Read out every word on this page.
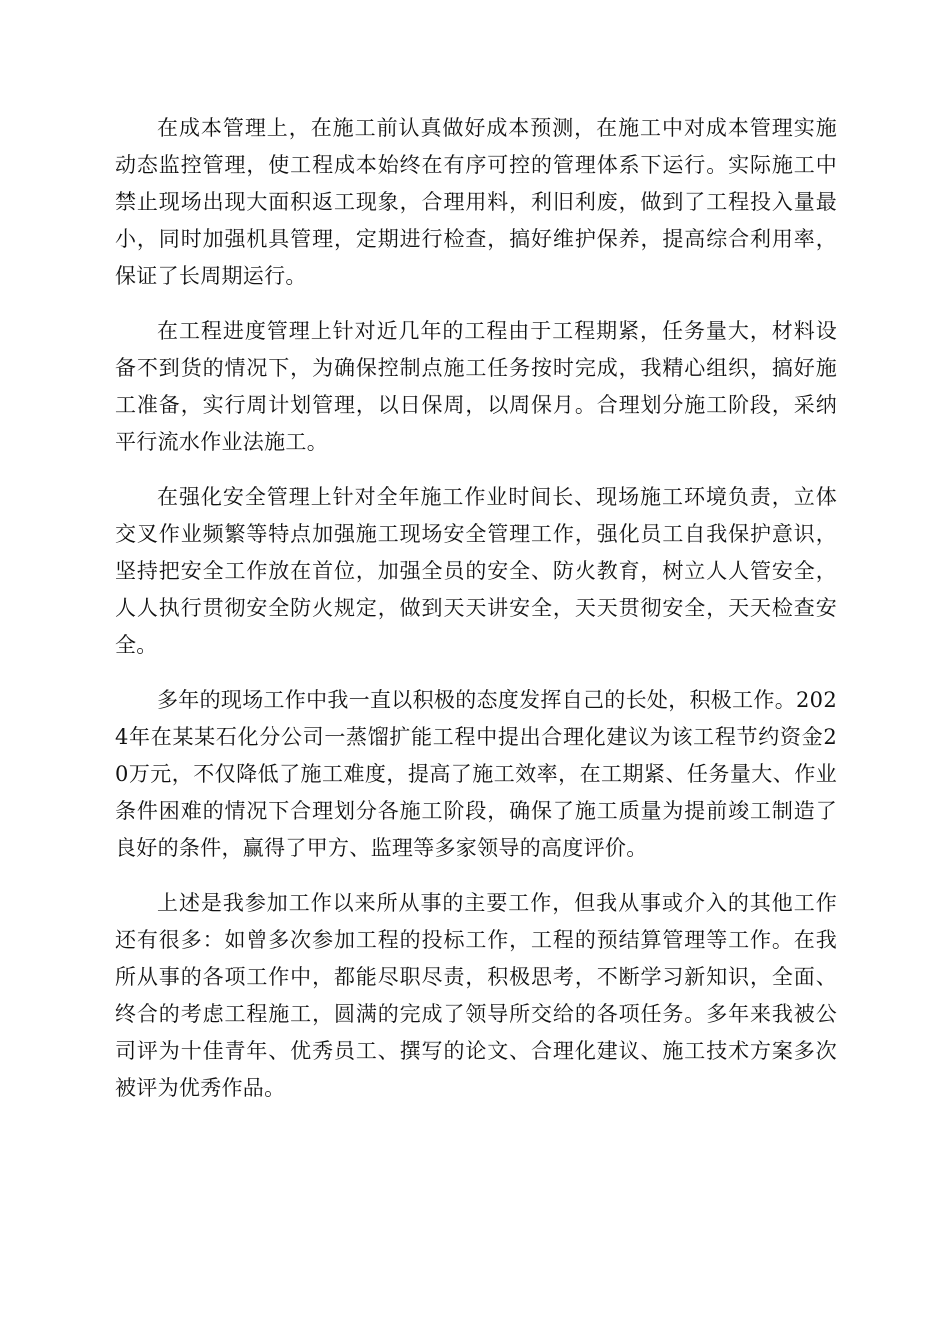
在成本管理上，在施工前认真做好成本预测，在施工中对成本管理实施动态监控管理，使工程成本始终在有序可控的管理体系下运行。实际施工中禁止现场出现大面积返工现象，合理用料，利旧利废，做到了工程投入量最小，同时加强机具管理，定期进行检查，搞好维护保养，提高综合利用率，保证了长周期运行。

在工程进度管理上针对近几年的工程由于工程期紧，任务量大，材料设备不到货的情况下，为确保控制点施工任务按时完成，我精心组织，搞好施工准备，实行周计划管理，以日保周，以周保月。合理划分施工阶段，采纳平行流水作业法施工。

在强化安全管理上针对全年施工作业时间长、现场施工环境负责，立体交叉作业频繁等特点加强施工现场安全管理工作，强化员工自我保护意识，坚持把安全工作放在首位，加强全员的安全、防火教育，树立人人管安全，人人执行贯彻安全防火规定，做到天天讲安全，天天贯彻安全，天天检查安全。

多年的现场工作中我一直以积极的态度发挥自己的长处，积极工作。2024年在某某石化分公司一蒸馏扩能工程中提出合理化建议为该工程节约资金20万元，不仅降低了施工难度，提高了施工效率，在工期紧、任务量大、作业条件困难的情况下合理划分各施工阶段，确保了施工质量为提前竣工制造了良好的条件，赢得了甲方、监理等多家领导的高度评价。

上述是我参加工作以来所从事的主要工作，但我从事或介入的其他工作还有很多：如曾多次参加工程的投标工作，工程的预结算管理等工作。在我所从事的各项工作中，都能尽职尽责，积极思考，不断学习新知识，全面、终合的考虑工程施工，圆满的完成了领导所交给的各项任务。多年来我被公司评为十佳青年、优秀员工、撰写的论文、合理化建议、施工技术方案多次被评为优秀作品。
